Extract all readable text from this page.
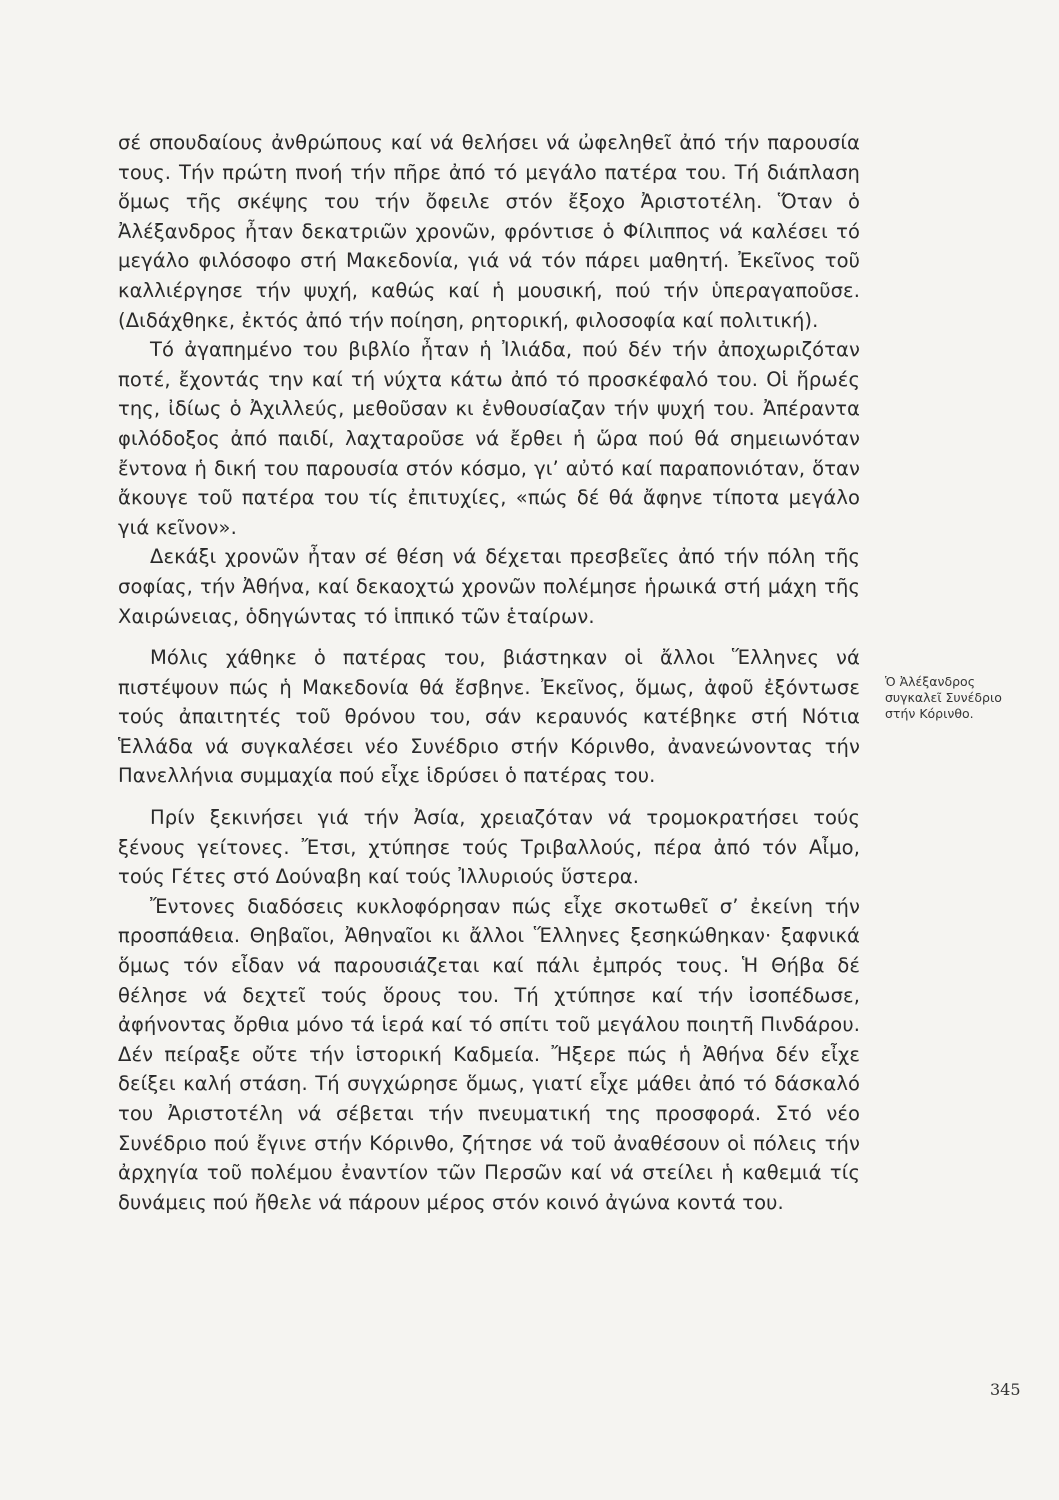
σέ σπουδαίους ἀνθρώπους καί νά θελήσει νά ὠφεληθεῖ ἀπό τήν παρουσία τους. Τήν πρώτη πνοή τήν πῆρε ἀπό τό μεγάλο πατέρα του. Τή διάπλαση ὅμως τῆς σκέψης του τήν ὄφειλε στόν ἔξοχο Ἀριστοτέλη. Ὅταν ὁ Ἀλέξανδρος ἦταν δεκατριῶν χρονῶν, φρόντισε ὁ Φίλιππος νά καλέσει τό μεγάλο φιλόσοφο στή Μακεδονία, γιά νά τόν πάρει μαθητή. Ἐκεῖνος τοῦ καλλιέργησε τήν ψυχή, καθώς καί ἡ μουσική, πού τήν ὑπεραγαποῦσε. (Διδάχθηκε, ἐκτός ἀπό τήν ποίηση, ρητορική, φιλοσοφία καί πολιτική).

Τό ἀγαπημένο του βιβλίο ἦταν ἡ Ἰλιάδα, πού δέν τήν ἀποχωριζόταν ποτέ, ἔχοντάς την καί τή νύχτα κάτω ἀπό τό προσκέφαλό του. Οἱ ἥρωές της, ἰδίως ὁ Ἀχιλλεύς, μεθοῦσαν κι ἐνθουσίαζαν τήν ψυχή του. Ἀπέραντα φιλόδοξος ἀπό παιδί, λαχταροῦσε νά ἔρθει ἡ ὥρα πού θά σημειωνόταν ἔντονα ἡ δική του παρουσία στόν κόσμο, γι’ αὐτό καί παραπονιόταν, ὅταν ἄκουγε τοῦ πατέρα του τίς ἐπιτυχίες, «πώς δέ θά ἄφηνε τίποτα μεγάλο γιά κεῖνον».

Δεκάξι χρονῶν ἦταν σέ θέση νά δέχεται πρεσβεῖες ἀπό τήν πόλη τῆς σοφίας, τήν Ἀθήνα, καί δεκαοχτώ χρονῶν πολέμησε ἡρωικά στή μάχη τῆς Χαιρώνειας, ὁδηγώντας τό ἱππικό τῶν ἑταίρων.

Μόλις χάθηκε ὁ πατέρας του, βιάστηκαν οἱ ἄλλοι Ἕλληνες νά πιστέψουν πώς ἡ Μακεδονία θά ἔσβηνε. Ἐκεῖνος, ὅμως, ἀφοῦ ἐξόντωσε τούς ἀπαιτητές τοῦ θρόνου του, σάν κεραυνός κατέβηκε στή Νότια Ἑλλάδα νά συγκαλέσει νέο Συνέδριο στήν Κόρινθο, ἀνανεώνοντας τήν Πανελλήνια συμμαχία πού εἶχε ἱδρύσει ὁ πατέρας του.

Πρίν ξεκινήσει γιά τήν Ἀσία, χρειαζόταν νά τρομοκρατήσει τούς ξένους γείτονες. Ἔτσι, χτύπησε τούς Τριβαλλούς, πέρα ἀπό τόν Αἶμο, τούς Γέτες στό Δούναβη καί τούς Ἰλλυριούς ὕστερα.

Ἔντονες διαδόσεις κυκλοφόρησαν πώς εἶχε σκοτωθεῖ σ’ ἐκείνη τήν προσπάθεια. Θηβαῖοι, Ἀθηναῖοι κι ἄλλοι Ἕλληνες ξεσηκώθηκαν· ξαφνικά ὅμως τόν εἶδαν νά παρουσιάζεται καί πάλι ἐμπρός τους. Ἡ Θήβα δέ θέλησε νά δεχτεῖ τούς ὅρους του. Τή χτύπησε καί τήν ἰσοπέδωσε, ἀφήνοντας ὄρθια μόνο τά ἱερά καί τό σπίτι τοῦ μεγάλου ποιητῆ Πινδάρου. Δέν πείραξε οὔτε τήν ἱστορική Καδμεία. Ἤξερε πώς ἡ Ἀθήνα δέν εἶχε δείξει καλή στάση. Τή συγχώρησε ὅμως, γιατί εἶχε μάθει ἀπό τό δάσκαλό του Ἀριστοτέλη νά σέβεται τήν πνευματική της προσφορά. Στό νέο Συνέδριο πού ἔγινε στήν Κόρινθο, ζήτησε νά τοῦ ἀναθέσουν οἱ πόλεις τήν ἀρχηγία τοῦ πολέμου ἐναντίον τῶν Περσῶν καί νά στείλει ἡ καθεμιά τίς δυνάμεις πού ἤθελε νά πάρουν μέρος στόν κοινό ἀγώνα κοντά του.

Ὁ Ἀλέξανδρος συγκαλεῖ Συνέδριο στήν Κόρινθο.
345
